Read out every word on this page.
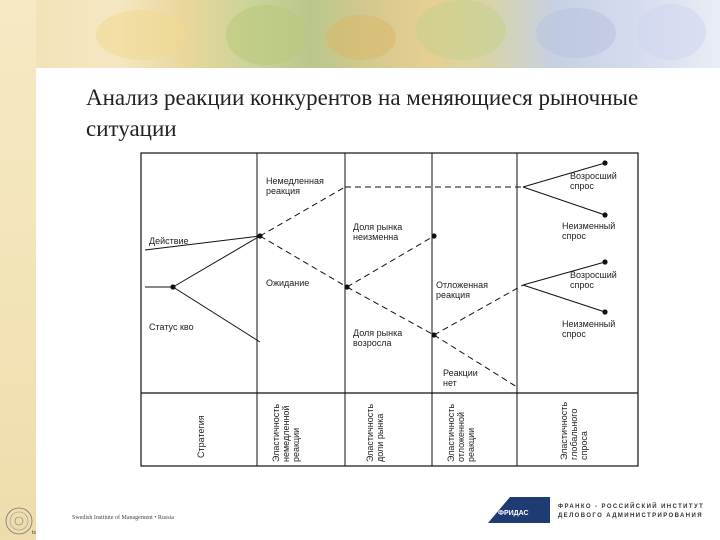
Анализ реакции конкурентов на меняющиеся рыночные ситуации
Действие
Статус кво
Немедленная реакция
Ожидание
Доля рынка неизменна
Доля рынка возросла
Отложенная реакция
Реакции нет
Возросший спрос
Неизменный спрос
Возросший спрос
Неизменный спрос
Стратегия	Эластичность немедленной реакции	Эластичность доли рынка	Эластичность отложенной реакции	Эластичность глобального спроса
ts
Swedish Institute of Management • Russia
ФРИДАС
ФРАНКО - РОССИЙСКИЙ ИНСТИТУТ
ДЕЛОВОГО АДМИНИСТРИРОВАНИЯ
